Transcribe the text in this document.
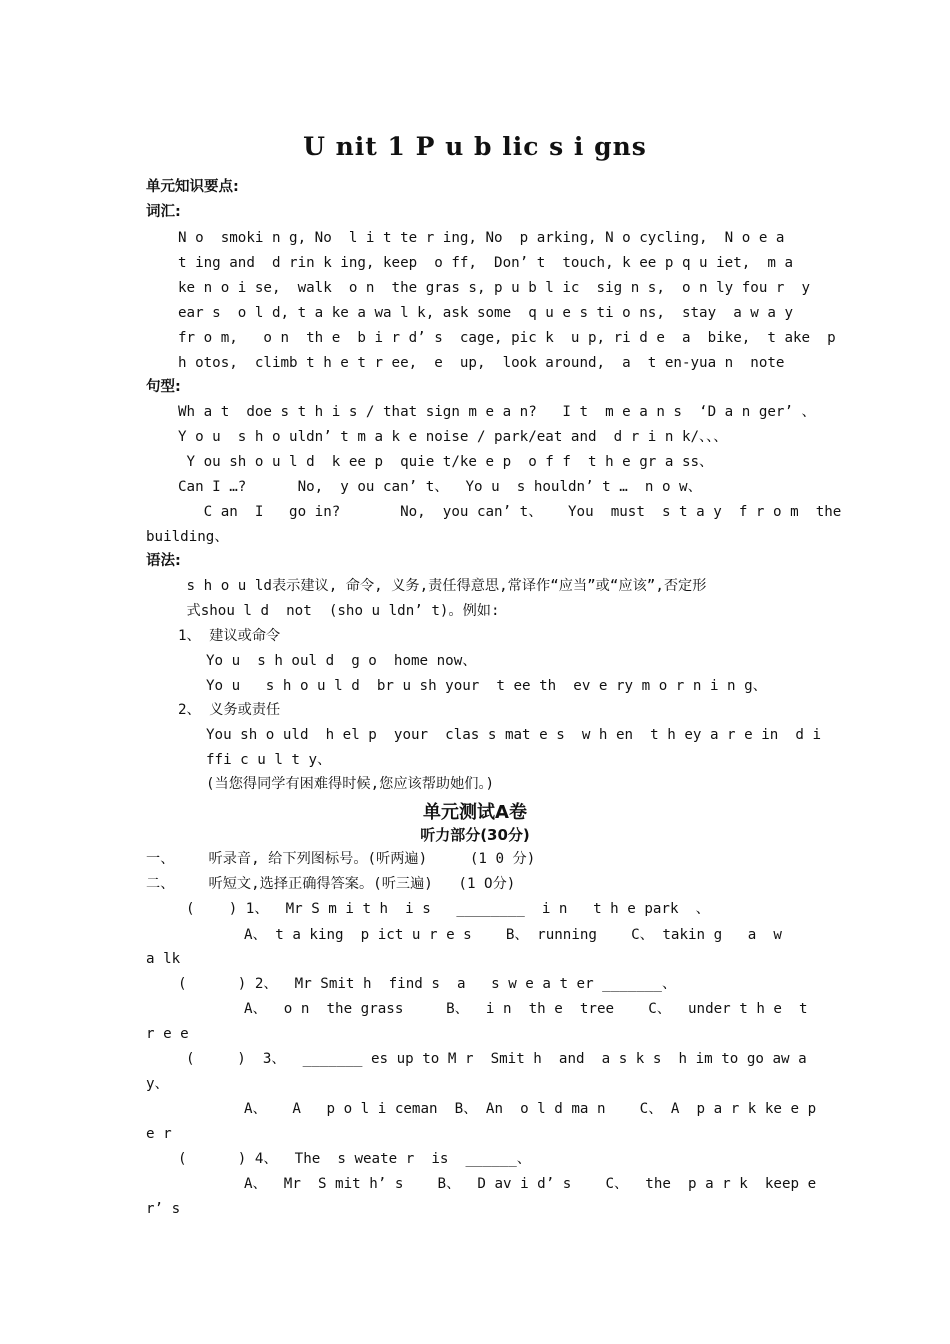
U nit 1 P u b lic s i gns
单元知识要点:
词汇:
N o  smoki n g, No  l i t te r ing, No  p arking, N o cycling,  N o e a
t ing and  d rin k ing, keep  o ff,  Don’ t  touch, k ee p q u iet,  m a
ke n o i se,  walk  o n  the gras s, p u b l ic  sig n s,  o n ly fou r  y
ear s  o l d, t a ke a wa l k, ask some  q u e s ti o ns,  stay  a w a y
fr o m,   o n  th e  b i r d’ s  cage, pic k  u p, ri d e  a  bike,  t ake  p
h otos,  climb t h e t r ee,  e  up,  look around,  a  t en-yua n  note
句型:
Wh a t  doe s t h i s / that sign m e a n?   I t  m e a n s  ‘D a n ger’ 、
Y o u  s h o uldn’ t m a k e noise / park/eat and  d r i n k/、、、
Y ou sh o u l d  k ee p  quie t/ke e p  o f f  t h e gr a ss、
Can I …?      No,  y ou can’ t、  Yo u  s houldn’ t …  n o w、
C an  I   go in?       No,  you can’ t、   You  must  s t a y  f r o m  the
building、
语法:
s h o u ld表示建议, 命令, 义务,责任得意思,常译作“应当”或“应该”,否定形
式shou l d  not  (sho u ldn’ t)。例如:
1、 建议或命令
Yo u  s h oul d  g o  home now、
Yo u   s h o u l d  br u sh your  t ee th  ev e ry m o r n i n g、
2、 义务或责任
You sh o uld  h el p  your  clas s mat e s  w h en  t h ey a r e in  d i
ffi c u l t y、
(当您得同学有困难得时候,您应该帮助她们。)
单元测试A卷
听力部分(30分)
一、    听录音, 给下列图标号。(听两遍)     (1 0 分)
二、    听短文,选择正确得答案。(听三遍)   (1 O分)
(    ) 1、  Mr S m i t h  i s   ________  i n   t h e park  、
A、 t a king  p ict u r e s    B、 running    C、 takin g   a  w
a lk
(      ) 2、  Mr Smit h  find s  a   s w e a t er _______、
A、  o n  the grass     B、  i n  th e  tree    C、  under t h e  t
r e e
(     )  3、  _______ es up to M r  Smit h  and  a s k s  h im to go aw a
y、
A、   A   p o l i ceman  B、 An  o l d ma n    C、 A  p a r k ke e p
e r
(      ) 4、  The  s weate r  is  ______、
A、  Mr  S mit h’ s    B、  D av i d’ s    C、  the  p a r k  keep e
r’ s
